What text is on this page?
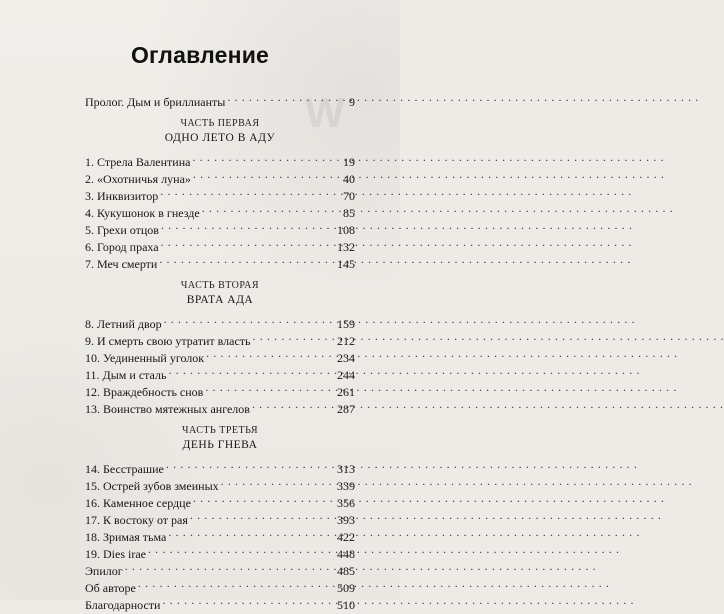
W
Оглавление
Пролог. Дым и бриллианты . . .	9
ЧАСТЬ ПЕРВАЯ
ОДНО ЛЕТО В АДУ
1. Стрела Валентина . . .	19
2. «Охотничья луна» . . .	40
3. Инквизитор . . .	70
4. Кукушонок в гнезде . . .	85
5. Грехи отцов . . .	108
6. Город праха . . .	132
7. Меч смерти . . .	145
ЧАСТЬ ВТОРАЯ
ВРАТА АДА
8. Летний двор . . .	159
9. И смерть свою утратит власть . . .	212
10. Уединенный уголок . . .	234
11. Дым и сталь . . .	244
12. Враждебность снов . . .	261
13. Воинство мятежных ангелов . . .	287
ЧАСТЬ ТРЕТЬЯ
ДЕНЬ ГНЕВА
14. Бесстрашие . . .	313
15. Острей зубов змеиных . . .	339
16. Каменное сердце . . .	356
17. К востоку от рая . . .	393
18. Зримая тьма . . .	422
19. Dies irae . . .	448
Эпилог . . .	485
Об авторе . . .	509
Благодарности . . .	510
